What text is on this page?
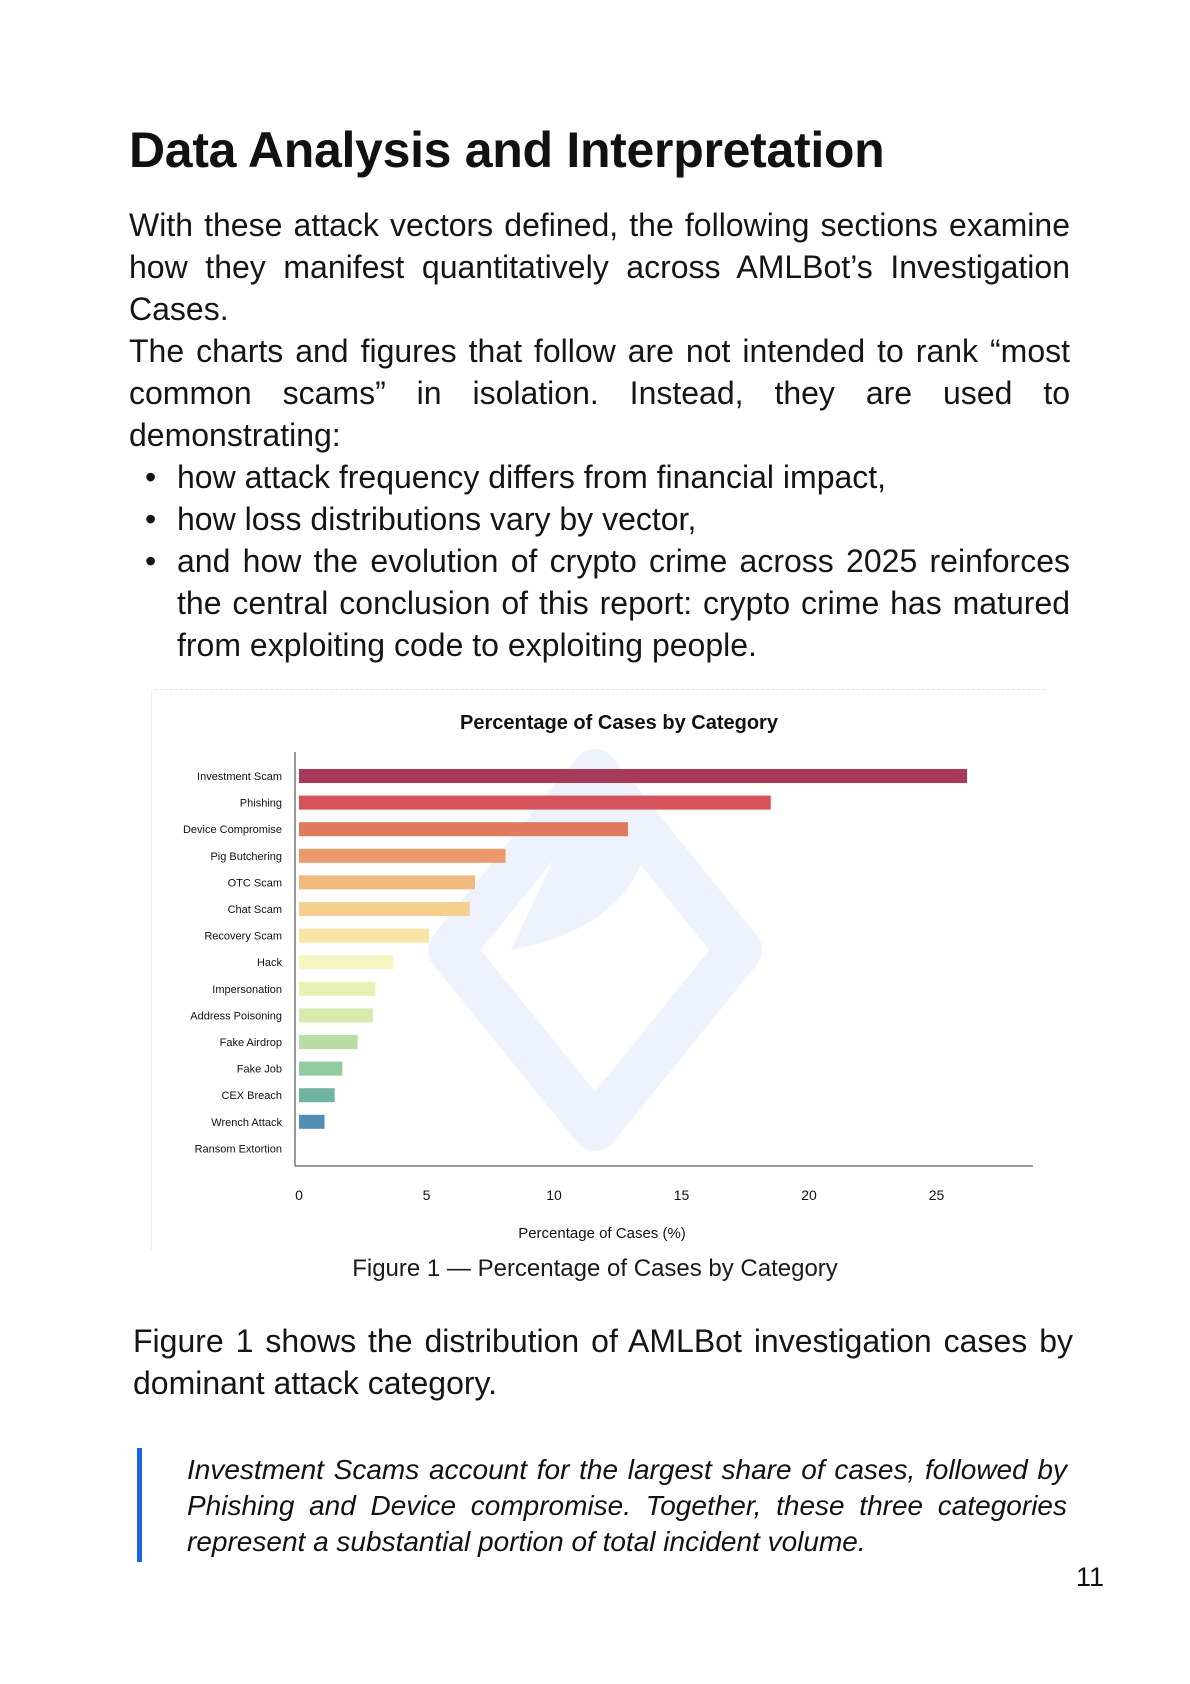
Data Analysis and Interpretation

With these attack vectors defined, the following sections examine how they manifest quantitatively across AMLBot’s Investigation Cases.

The charts and figures that follow are not intended to rank “most common scams” in isolation. Instead, they are used to demonstrating:

• how attack frequency differs from financial impact,
• how loss distributions vary by vector,
• and how the evolution of crypto crime across 2025 reinforces the central conclusion of this report: crypto crime has matured from exploiting code to exploiting people.
Percentage of Cases by Category
Investment Scam
Phishing
Device Compromise
Pig Butchering
OTC Scam
Chat Scam
Recovery Scam
Hack
Impersonation
Address Poisoning
Fake Airdrop
Fake Job
CEX Breach
Wrench Attack
Ransom Extortion
0	5	10	15	20	25
Percentage of Cases (%)
Figure 1 — Percentage of Cases by Category

Figure 1 shows the distribution of AMLBot investigation cases by dominant attack category.

Investment Scams account for the largest share of cases, followed by Phishing and Device compromise. Together, these three categories represent a substantial portion of total incident volume.

11
